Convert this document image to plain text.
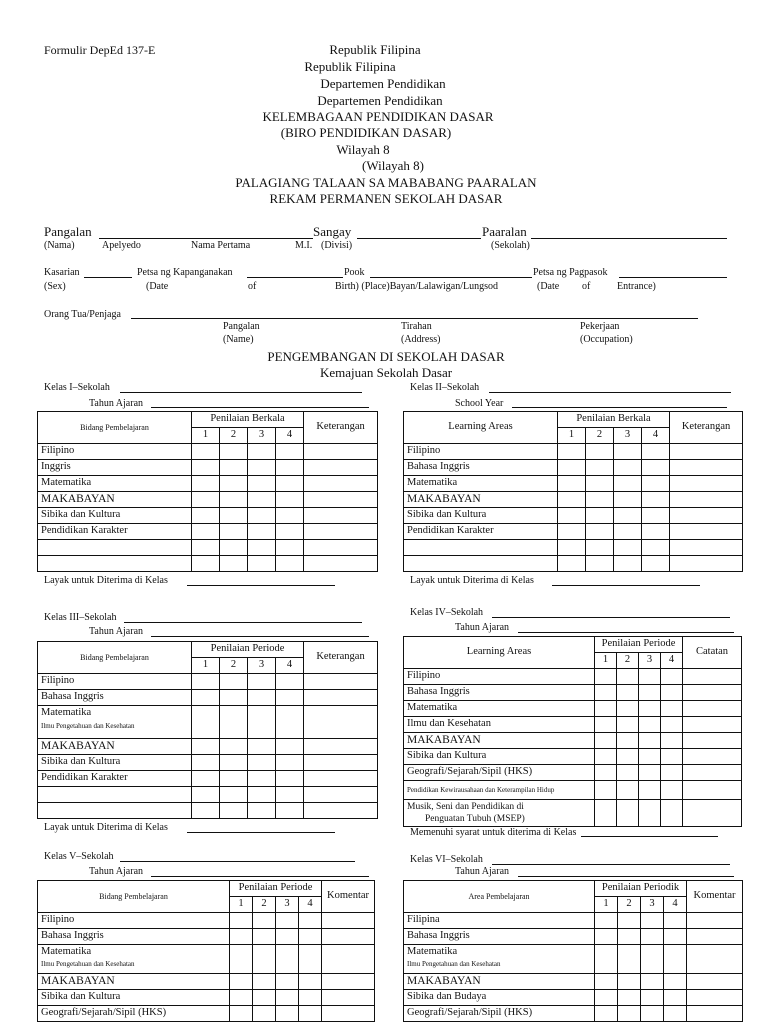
Formulir DepEd 137-E	Republik Filipina
Republik Filipina
Departemen Pendidikan
Departemen Pendidikan
KELEMBAGAAN PENDIDIKAN DASAR
(BIRO PENDIDIKAN DASAR)
Wilayah 8
(Wilayah 8)
PALAGIANG TALAAN SA MABABANG PAARALAN
REKAM PERMANEN SEKOLAH DASAR
Pangalan	Sangay	Paaralan
(Nama)	Apelyedo	Nama Pertama	M.I. (Divisi)	(Sekolah)
Kasarian	Petsa ng Kapanganakan	Pook	Petsa ng Pagpasok
(Sex)	(Date	of	Birth) (Place)Bayan/Lalawigan/Lungsod	(Date of	Entrance)
Orang Tua/Penjaga
Pangalan
(Name)
Tirahan
(Address)
Pekerjaan
(Occupation)
PENGEMBANGAN DI SEKOLAH DASAR
Kemajuan Sekolah Dasar
Kelas I–Sekolah
Tahun Ajaran
Bidang Pembelajaran	Penilaian Berkala				Keterangan
	1	2	3	4	
Filipino					
Inggris					
Matematika					
MAKABAYAN					
Sibika dan Kultura					
Pendidikan Karakter					

Layak untuk Diterima di Kelas
Kelas II–Sekolah
School Year
Learning Areas	Penilaian Berkala				Keterangan
	1	2	3	4	
Filipino					
Bahasa Inggris					
Matematika					
MAKABAYAN					
Sibika dan Kultura					
Pendidikan Karakter					

Layak untuk Diterima di Kelas
Kelas III–Sekolah
Tahun Ajaran
Bidang Pembelajaran	Penilaian Periode				Keterangan
	1	2	3	4	
Filipino					
Bahasa Inggris					

Matematika
Ilmu Pengetahuan dan Kesehatan					

MAKABAYAN					
Sibika dan Kultura					
Pendidikan Karakter					

Layak untuk Diterima di Kelas
Kelas IV–Sekolah
Tahun Ajaran
Learning Areas	Penilaian Periode				Catatan
	1	2	3	4	
Filipino					
Bahasa Inggris					
Matematika					
Ilmu dan Kesehatan					
MAKABAYAN					
Sibika dan Kultura					
Geografi/Sejarah/Sipil (HKS)					
Pendidikan Kewirausahaan dan Keterampilan Hidup					

Musik, Seni dan Pendidikan di
Penguatan Tubuh (MSEP)					

Memenuhi syarat untuk diterima di Kelas
Kelas V–Sekolah
Tahun Ajaran
Bidang Pembelajaran	Penilaian Periode				Komentar
	1	2	3	4	
Filipino					
Bahasa Inggris					

Matematika
Ilmu Pengetahuan dan Kesehatan					

MAKABAYAN					
Sibika dan Kultura					
Geografi/Sejarah/Sipil (HKS)					
Kelas VI–Sekolah
Tahun Ajaran
Area Pembelajaran	Penilaian Periodik				Komentar
	1	2	3	4	
Filipina					
Bahasa Inggris					

Matematika
Ilmu Pengetahuan dan Kesehatan					

MAKABAYAN					
Sibika dan Budaya					
Geografi/Sejarah/Sipil (HKS)					
